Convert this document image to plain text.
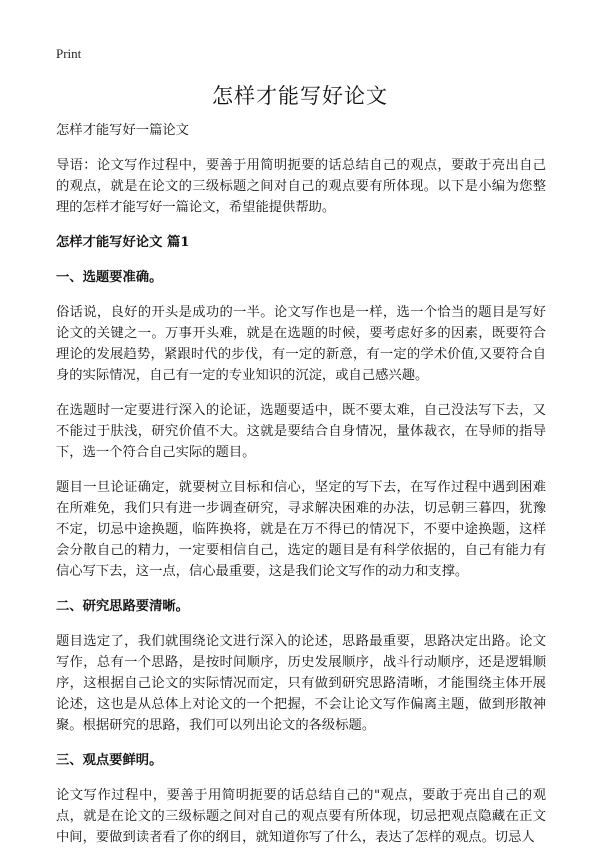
Print
怎样才能写好论文

怎样才能写好一篇论文

导语：论文写作过程中，要善于用简明扼要的话总结自己的观点，要敢于亮出自己的观点，就是在论文的三级标题之间对自己的观点要有所体现。以下是小编为您整理的怎样才能写好一篇论文，希望能提供帮助。

怎样才能写好论文 篇1

一、选题要准确。

俗话说，良好的开头是成功的一半。论文写作也是一样，选一个恰当的题目是写好论文的关键之一。万事开头难，就是在选题的时候，要考虑好多的因素，既要符合理论的发展趋势，紧跟时代的步伐，有一定的新意，有一定的学术价值,又要符合自身的实际情况，自己有一定的专业知识的沉淀，或自己感兴趣。

在选题时一定要进行深入的论证，选题要适中，既不要太难，自己没法写下去，又不能过于肤浅，研究价值不大。这就是要结合自身情况，量体裁衣，在导师的指导下，选一个符合自己实际的题目。

题目一旦论证确定，就要树立目标和信心，坚定的写下去，在写作过程中遇到困难在所难免，我们只有进一步调查研究，寻求解决困难的办法，切忌朝三暮四，犹豫不定，切忌中途换题，临阵换将，就是在万不得已的情况下，不要中途换题，这样会分散自己的精力，一定要相信自己，选定的题目是有科学依据的，自己有能力有信心写下去，这一点，信心最重要，这是我们论文写作的动力和支撑。

二、研究思路要清晰。

题目选定了，我们就围绕论文进行深入的论述，思路最重要，思路决定出路。论文写作，总有一个思路，是按时间顺序，历史发展顺序，战斗行动顺序，还是逻辑顺序，这根据自己论文的实际情况而定，只有做到研究思路清晰，才能围绕主体开展论述，这也是从总体上对论文的一个把握，不会让论文写作偏离主题，做到形散神聚。根据研究的思路，我们可以列出论文的各级标题。

三、观点要鲜明。

论文写作过程中，要善于用简明扼要的话总结自己的"观点，要敢于亮出自己的观点，就是在论文的三级标题之间对自己的观点要有所体现，切忌把观点隐藏在正文中间，要做到读者看了你的纲目，就知道你写了什么，表达了怎样的观点。切忌人
